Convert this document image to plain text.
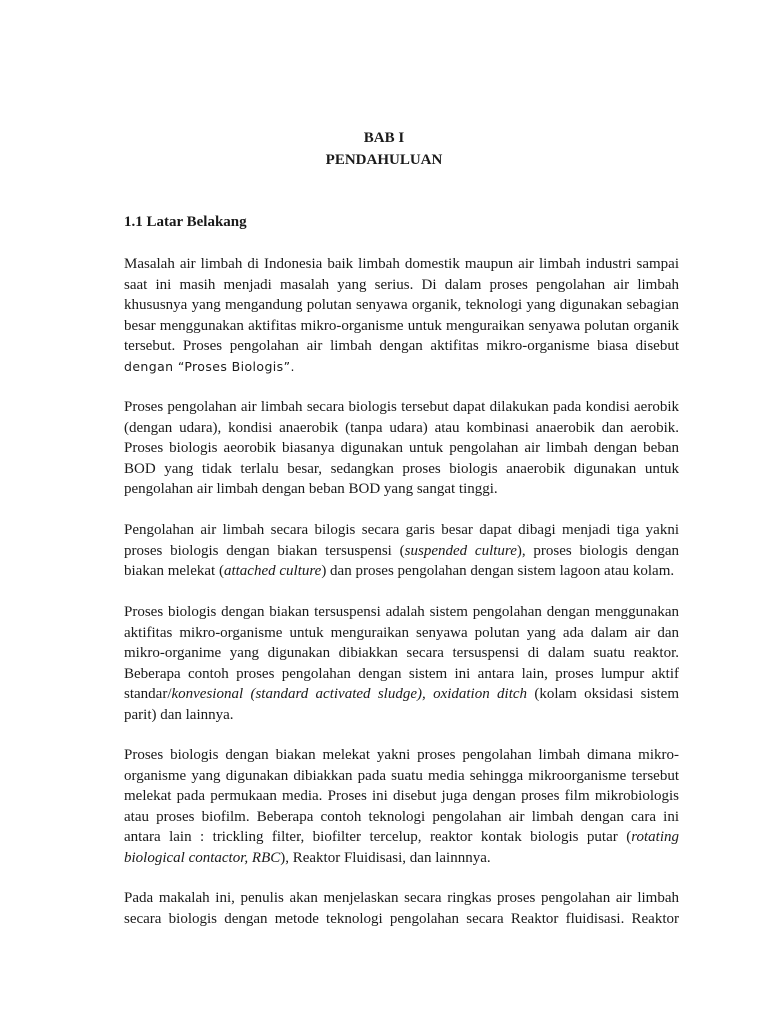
BAB I
PENDAHULUAN
1.1 Latar Belakang
Masalah air limbah di Indonesia baik limbah domestik maupun air limbah industri sampai
saat ini masih menjadi masalah yang serius. Di dalam proses pengolahan air limbah
khususnya yang mengandung polutan senyawa organik, teknologi yang digunakan sebagian
besar menggunakan aktifitas mikro-organisme untuk menguraikan senyawa polutan organik
tersebut. Proses pengolahan air limbah dengan aktifitas mikro-organisme biasa disebut
dengan “Proses Biologis”.
Proses pengolahan air limbah secara biologis tersebut dapat dilakukan pada kondisi aerobik
(dengan udara), kondisi anaerobik (tanpa udara) atau kombinasi anaerobik dan aerobik.
Proses biologis aeorobik biasanya digunakan untuk pengolahan air limbah dengan beban
BOD yang tidak terlalu besar, sedangkan proses biologis anaerobik digunakan untuk
pengolahan air limbah dengan beban BOD yang sangat tinggi.
Pengolahan air limbah secara bilogis secara garis besar dapat dibagi menjadi tiga yakni
proses biologis dengan biakan tersuspensi (suspended culture), proses biologis dengan
biakan melekat (attached culture) dan proses pengolahan dengan sistem lagoon atau kolam.
Proses biologis dengan biakan tersuspensi adalah sistem pengolahan dengan menggunakan
aktifitas mikro-organisme untuk menguraikan senyawa polutan yang ada dalam air dan
mikro-organime yang digunakan dibiakkan secara tersuspensi di dalam suatu reaktor.
Beberapa contoh proses pengolahan dengan sistem ini antara lain, proses lumpur aktif
standar/konvesional (standard activated sludge), oxidation ditch (kolam oksidasi sistem
parit) dan lainnya.
Proses biologis dengan biakan melekat yakni proses pengolahan limbah dimana mikro-
organisme yang digunakan dibiakkan pada suatu media sehingga mikroorganisme tersebut
melekat pada permukaan media. Proses ini disebut juga dengan proses film mikrobiologis
atau proses biofilm. Beberapa contoh teknologi pengolahan air limbah dengan cara ini
antara lain : trickling filter, biofilter tercelup, reaktor kontak biologis putar (rotating
biological contactor, RBC), Reaktor Fluidisasi, dan lainnnya.
Pada makalah ini, penulis akan menjelaskan secara ringkas proses pengolahan air limbah
secara biologis dengan metode teknologi pengolahan secara Reaktor fluidisasi. Reaktor
